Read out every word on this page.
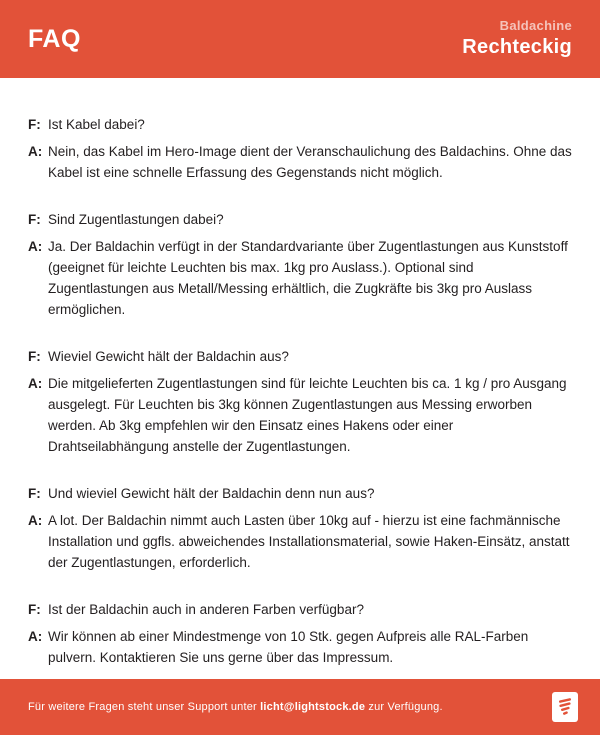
FAQ	Baldachine
Rechteckig
F: Ist Kabel dabei?
A: Nein, das Kabel im Hero-Image dient der Veranschaulichung des Baldachins. Ohne das Kabel ist eine schnelle Erfassung des Gegenstands nicht möglich.
F: Sind Zugentlastungen dabei?
A: Ja. Der Baldachin verfügt in der Standardvariante über Zugentlastungen aus Kunststoff (geeignet für leichte Leuchten bis max. 1kg pro Auslass.). Optional sind Zugentlastungen aus Metall/Messing erhältlich, die Zugkräfte bis 3kg pro Auslass ermöglichen.
F: Wieviel Gewicht hält der Baldachin aus?
A: Die mitgelieferten Zugentlastungen sind für leichte Leuchten bis ca. 1 kg / pro Ausgang ausgelegt. Für Leuchten bis 3kg können Zugentlastungen aus Messing erworben werden. Ab 3kg empfehlen wir den Einsatz eines Hakens oder einer Drahtseilabhängung anstelle der Zugentlastungen.
F: Und wieviel Gewicht hält der Baldachin denn nun aus?
A: A lot. Der Baldachin nimmt auch Lasten über 10kg auf - hierzu ist eine fachmännische Installation und ggfls. abweichendes Installationsmaterial, sowie Haken-Einsätz, anstatt der Zugentlastungen, erforderlich.
F: Ist der Baldachin auch in anderen Farben verfügbar?
A: Wir können ab einer Mindestmenge von 10 Stk. gegen Aufpreis alle RAL-Farben pulvern. Kontaktieren Sie uns gerne über das Impressum.
Für weitere Fragen steht unser Support unter licht@lightstock.de zur Verfügung.
